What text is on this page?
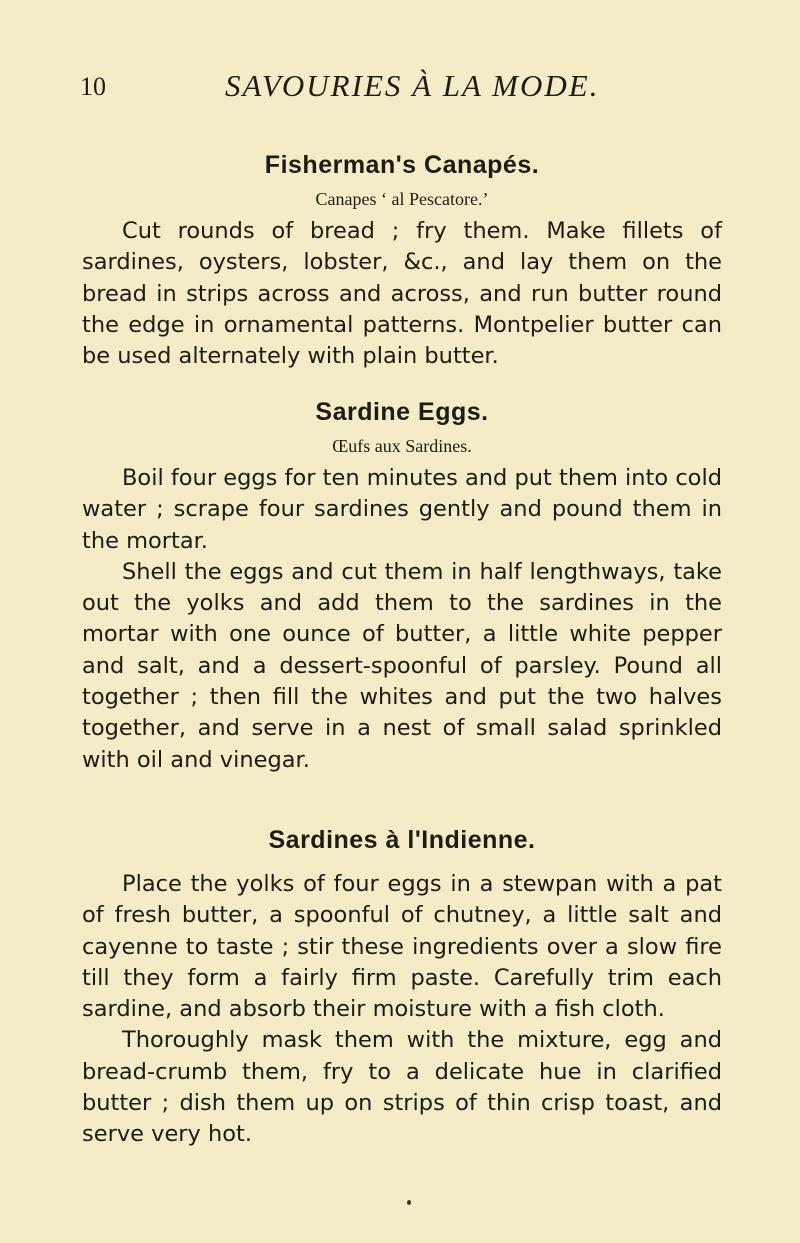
10	SAVOURIES À LA MODE.
Fisherman's Canapés.

Canapes ‘ al Pescatore.’

Cut rounds of bread ; fry them. Make fillets of sardines, oysters, lobster, &c., and lay them on the bread in strips across and across, and run butter round the edge in ornamental patterns. Montpelier butter can be used alternately with plain butter.

Sardine Eggs.

Œufs aux Sardines.

Boil four eggs for ten minutes and put them into cold water ; scrape four sardines gently and pound them in the mortar.

Shell the eggs and cut them in half lengthways, take out the yolks and add them to the sardines in the mortar with one ounce of butter, a little white pepper and salt, and a dessert-spoonful of parsley. Pound all together ; then fill the whites and put the two halves together, and serve in a nest of small salad sprinkled with oil and vinegar.

Sardines à l'Indienne.

Place the yolks of four eggs in a stewpan with a pat of fresh butter, a spoonful of chutney, a little salt and cayenne to taste ; stir these ingredients over a slow fire till they form a fairly firm paste. Carefully trim each sardine, and absorb their moisture with a fish cloth.

Thoroughly mask them with the mixture, egg and bread-crumb them, fry to a delicate hue in clarified butter ; dish them up on strips of thin crisp toast, and serve very hot.
